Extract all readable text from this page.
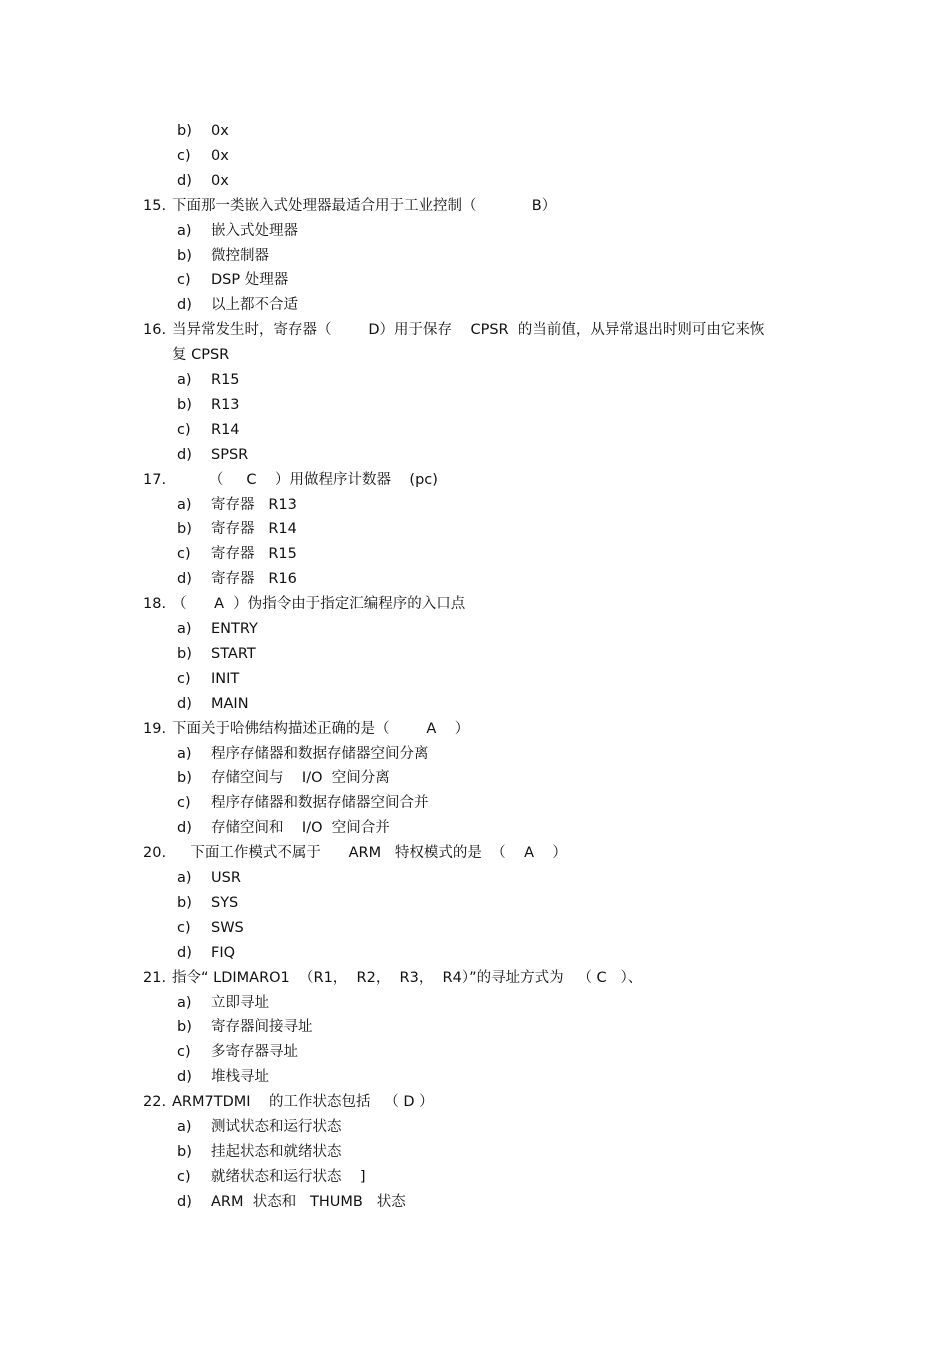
b) 0x
c) 0x
d) 0x
15. 下面那一类嵌入式处理器最适合用于工业控制（            B）
a) 嵌入式处理器
b) 微控制器
c) DSP 处理器
d) 以上都不合适
16. 当异常发生时，寄存器（        D）用于保存    CPSR  的当前值，从异常退出时则可由它来恢
复 CPSR
a) R15
b) R13
c) R14
d) SPSR
17. （     C    ）用做程序计数器    (pc)
a) 寄存器   R13
b) 寄存器   R14
c) 寄存器   R15
d) 寄存器   R16
18. （      A  ）伪指令由于指定汇编程序的入口点
a) ENTRY
b) START
c) INIT
d) MAIN
19. 下面关于哈佛结构描述正确的是（        A    ）
a) 程序存储器和数据存储器空间分离
b) 存储空间与    I/O  空间分离
c) 程序存储器和数据存储器空间合并
d) 存储空间和    I/O  空间合并
20. 下面工作模式不属于      ARM   特权模式的是  （    A    ）
a) USR
b) SYS
c) SWS
d) FIQ
21. 指令“ LDIMARO1  （R1，  R2，  R3，  R4）”的寻址方式为   （ C   ）、
a) 立即寻址
b) 寄存器间接寻址
c) 多寄存器寻址
d) 堆栈寻址
22. ARM7TDMI    的工作状态包括   （ D ）
a) 测试状态和运行状态
b) 挂起状态和就绪状态
c) 就绪状态和运行状态    ]
d) ARM  状态和   THUMB   状态
